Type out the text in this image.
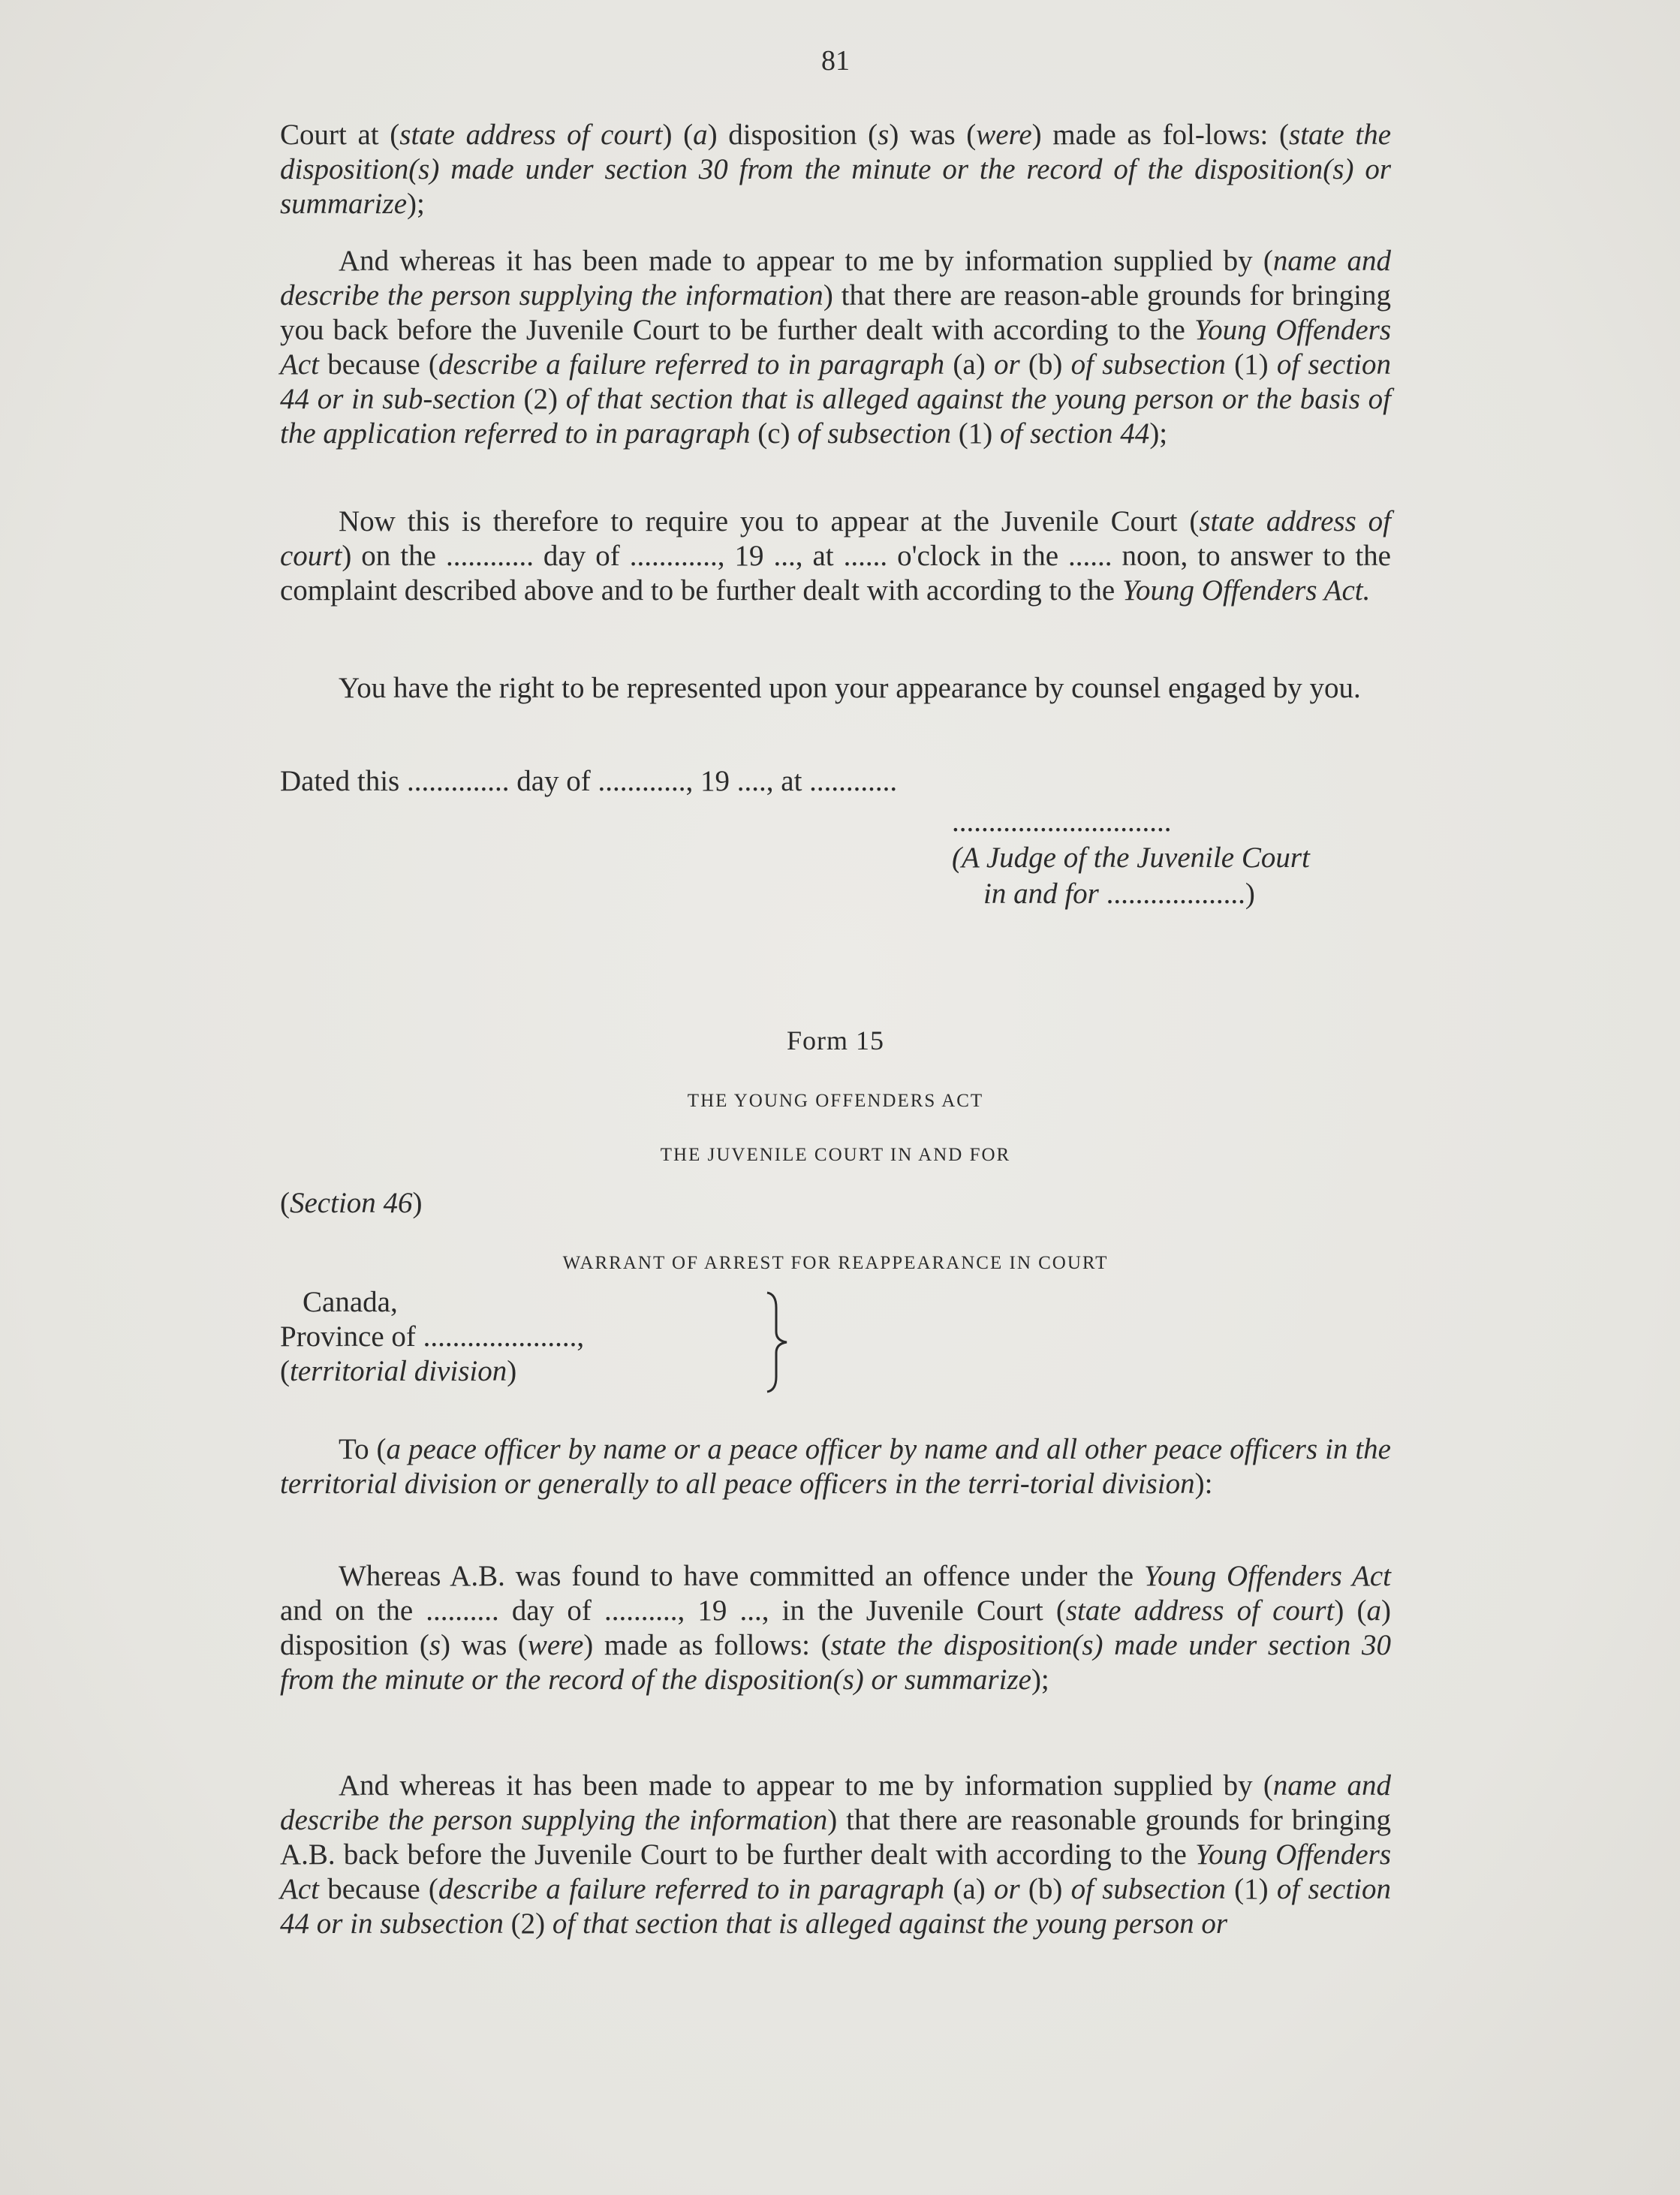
81

Court at (state address of court) (a) disposition (s) was (were) made as fol-lows: (state the disposition(s) made under section 30 from the minute or the record of the disposition(s) or summarize);

And whereas it has been made to appear to me by information supplied by (name and describe the person supplying the information) that there are reason-able grounds for bringing you back before the Juvenile Court to be further dealt with according to the Young Offenders Act because (describe a failure referred to in paragraph (a) or (b) of subsection (1) of section 44 or in sub-section (2) of that section that is alleged against the young person or the basis of the application referred to in paragraph (c) of subsection (1) of section 44);

Now this is therefore to require you to appear at the Juvenile Court (state address of court) on the ............ day of ............, 19 ..., at ...... o'clock in the ...... noon, to answer to the complaint described above and to be further dealt with according to the Young Offenders Act.

You have the right to be represented upon your appearance by counsel engaged by you.

Dated this .............. day of ............, 19 ...., at ............

..............................
(A Judge of the Juvenile Court
in and for ...................)
Form 15
THE YOUNG OFFENDERS ACT
THE JUVENILE COURT IN AND FOR
(Section 46)
WARRANT OF ARREST FOR REAPPEARANCE IN COURT
Canada,
Province of .....................,
(territorial division)

To (a peace officer by name or a peace officer by name and all other peace officers in the territorial division or generally to all peace officers in the terri-torial division):

Whereas A.B. was found to have committed an offence under the Young Offenders Act and on the .......... day of .........., 19 ..., in the Juvenile Court (state address of court) (a) disposition (s) was (were) made as follows: (state the disposition(s) made under section 30 from the minute or the record of the disposition(s) or summarize);

And whereas it has been made to appear to me by information supplied by (name and describe the person supplying the information) that there are reasonable grounds for bringing A.B. back before the Juvenile Court to be further dealt with according to the Young Offenders Act because (describe a failure referred to in paragraph (a) or (b) of subsection (1) of section 44 or in subsection (2) of that section that is alleged against the young person or
